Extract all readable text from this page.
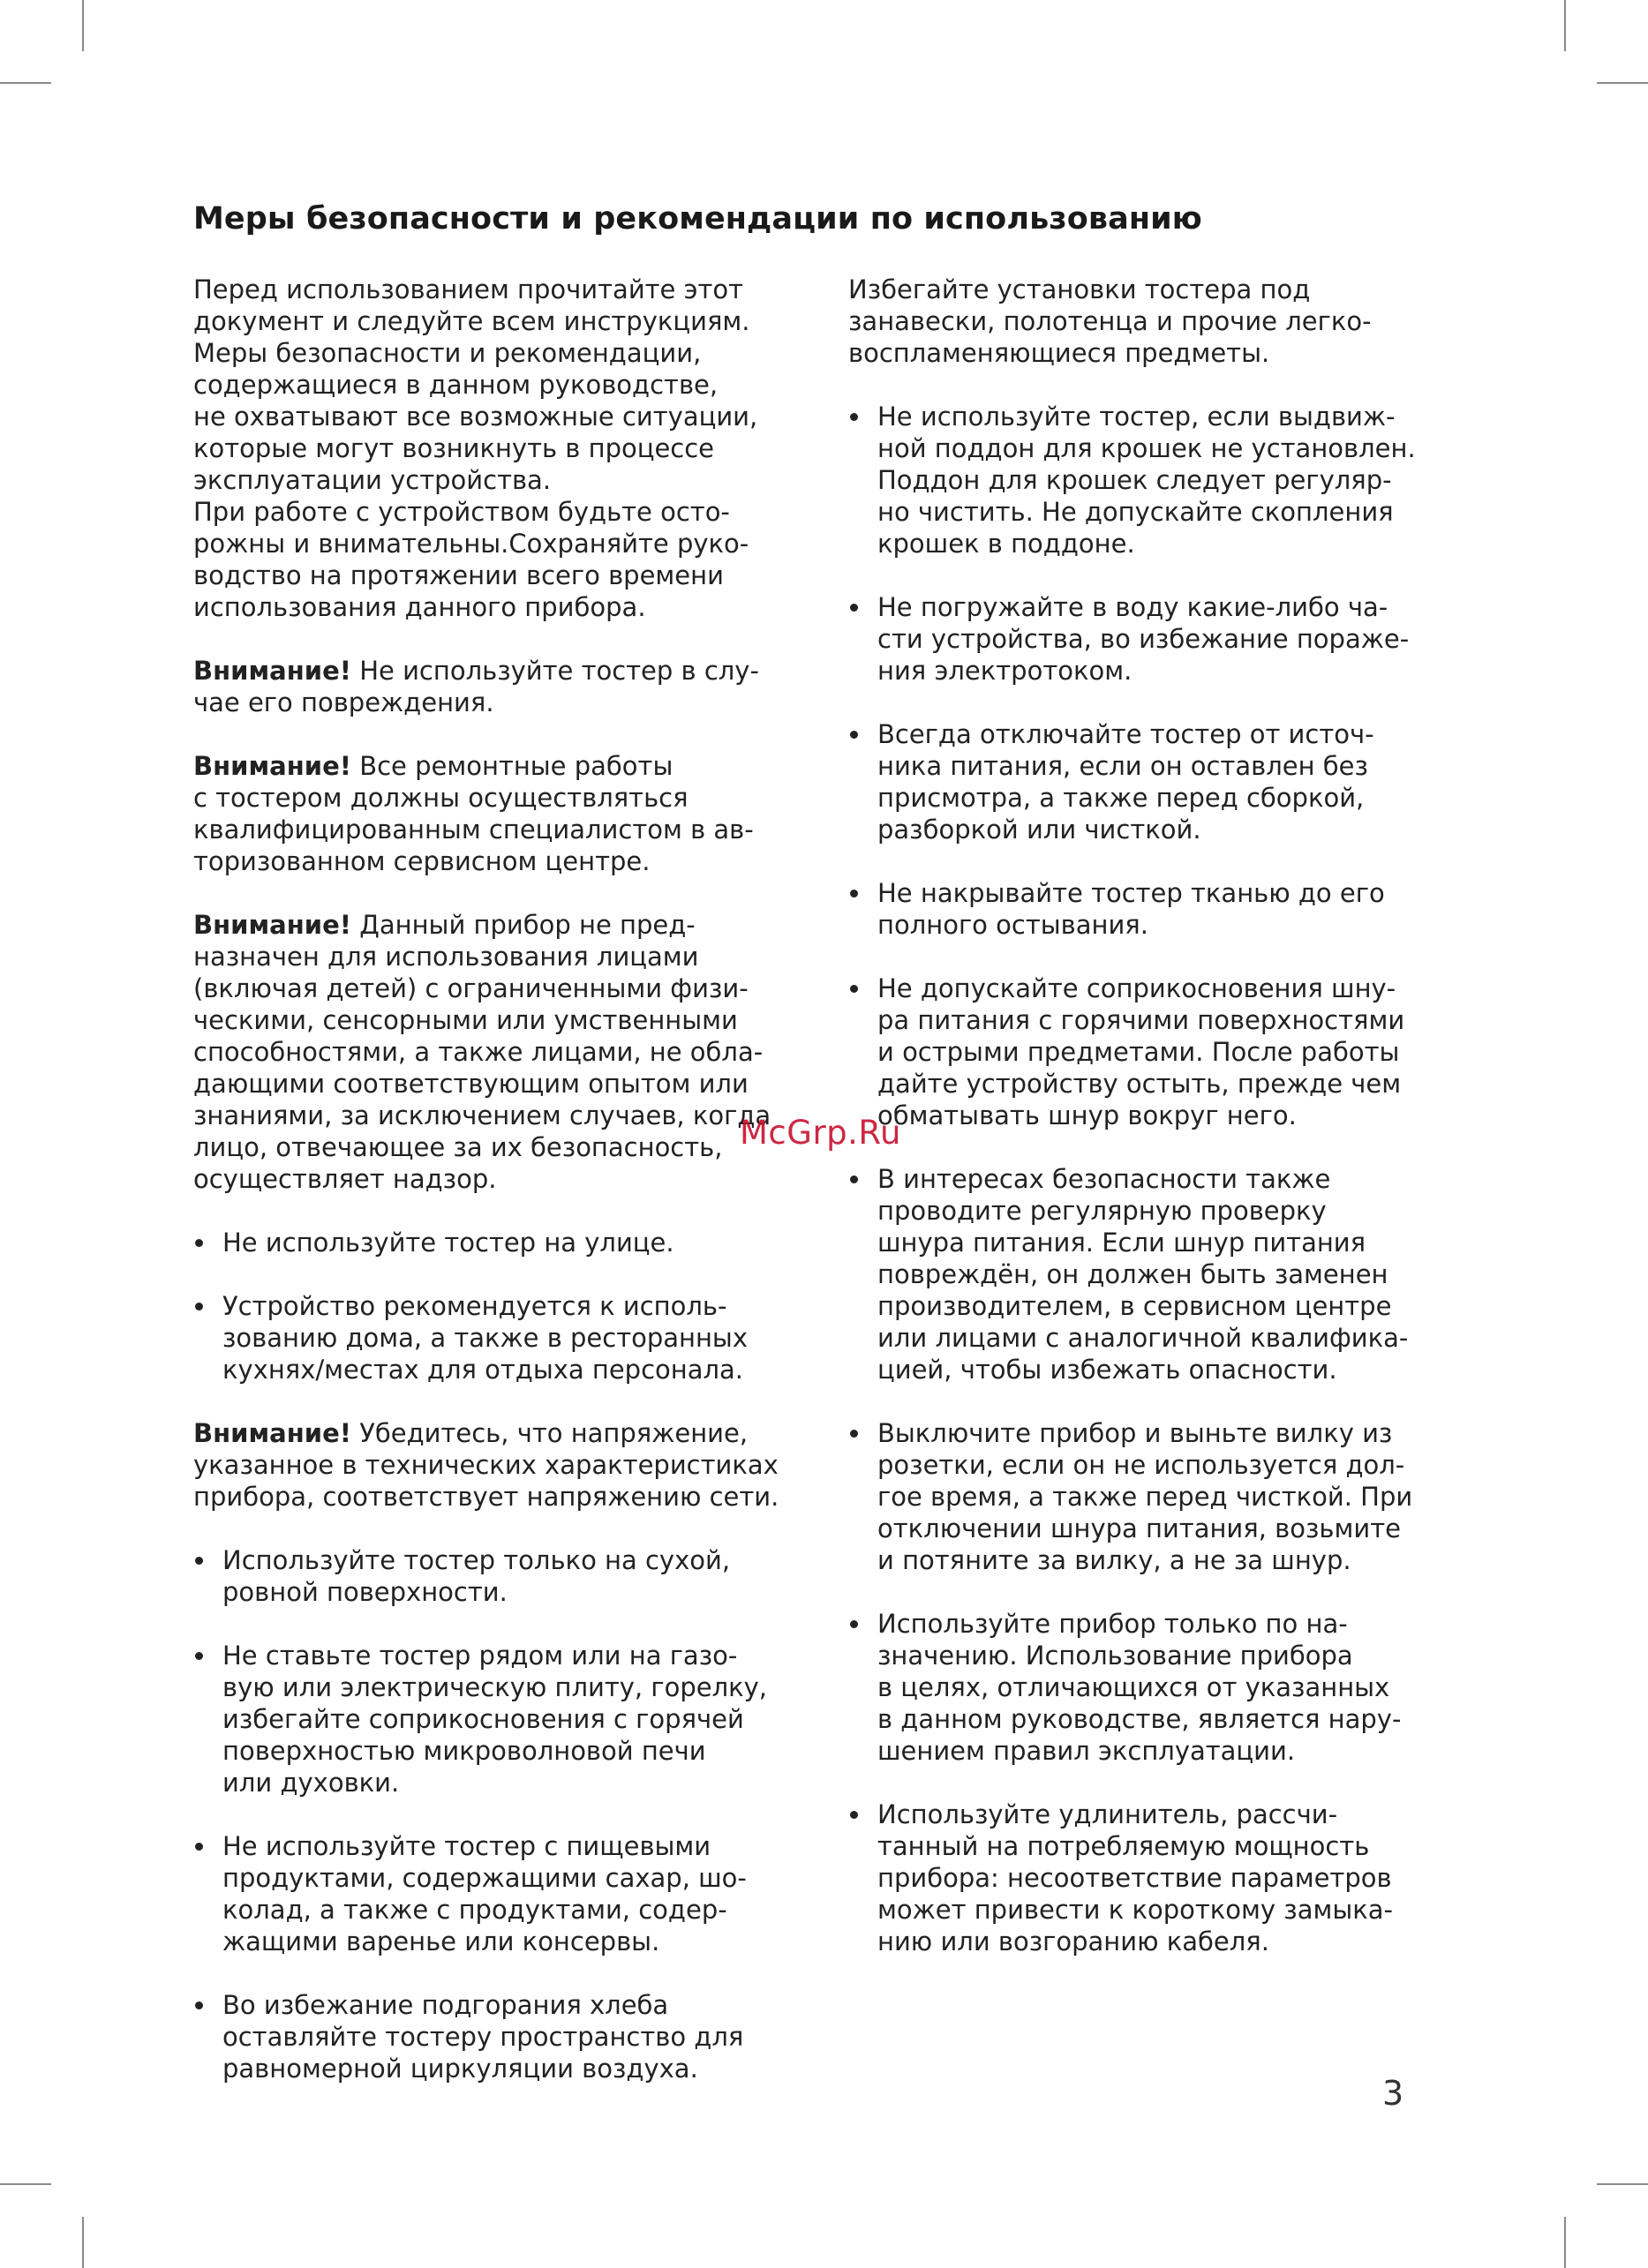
Меры безопасности и рекомендации по использованию
Перед использованием прочитайте этот
документ и следуйте всем инструкциям.
Меры безопасности и рекомендации,
содержащиеся в данном руководстве,
не охватывают все возможные ситуации,
которые могут возникнуть в процессе
эксплуатации устройства.
При работе с устройством будьте осто-
рожны и внимательны.Сохраняйте руко-
водство на протяжении всего времени
использования данного прибора.
Внимание! Не используйте тостер в слу-
чае его повреждения.
Внимание! Все ремонтные работы
с тостером должны осуществляться
квалифицированным специалистом в ав-
торизованном сервисном центре.
Внимание! Данный прибор не пред-
назначен для использования лицами
(включая детей) с ограниченными физи-
ческими, сенсорными или умственными
способностями, а также лицами, не обла-
дающими соответствующим опытом или
знаниями, за исключением случаев, когда
лицо, отвечающее за их безопасность,
осуществляет надзор.
Не используйте тостер на улице.
Устройство рекомендуется к исполь-
зованию дома, а также в ресторанных
кухнях/местах для отдыха персонала.
Внимание! Убедитесь, что напряжение,
указанное в технических характеристиках
прибора, соответствует напряжению сети.
Используйте тостер только на сухой,
ровной поверхности.
Не ставьте тостер рядом или на газо-
вую или электрическую плиту, горелку,
избегайте соприкосновения с горячей
поверхностью микроволновой печи
или духовки.
Не используйте тостер с пищевыми
продуктами, содержащими сахар, шо-
колад, а также с продуктами, содер-
жащими варенье или консервы.
Во избежание подгорания хлеба
оставляйте тостеру пространство для
равномерной циркуляции воздуха.
Избегайте установки тостера под
занавески, полотенца и прочие легко-
воспламеняющиеся предметы.
Не используйте тостер, если выдвиж-
ной поддон для крошек не установлен.
Поддон для крошек следует регуляр-
но чистить. Не допускайте скопления
крошек в поддоне.
Не погружайте в воду какие-либо ча-
сти устройства, во избежание пораже-
ния электротоком.
Всегда отключайте тостер от источ-
ника питания, если он оставлен без
присмотра, а также перед сборкой,
разборкой или чисткой.
Не накрывайте тостер тканью до его
полного остывания.
Не допускайте соприкосновения шну-
ра питания с горячими поверхностями
и острыми предметами. После работы
дайте устройству остыть, прежде чем
обматывать шнур вокруг него.
В интересах безопасности также
проводите регулярную проверку
шнура питания. Если шнур питания
повреждён, он должен быть заменен
производителем, в сервисном центре
или лицами с аналогичной квалифика-
цией, чтобы избежать опасности.
Выключите прибор и выньте вилку из
розетки, если он не используется дол-
гое время, а также перед чисткой. При
отключении шнура питания, возьмите
и потяните за вилку, а не за шнур.
Используйте прибор только по на-
значению. Использование прибора
в целях, отличающихся от указанных
в данном руководстве, является нару-
шением правил эксплуатации.
Используйте удлинитель, рассчи-
танный на потребляемую мощность
прибора: несоответствие параметров
может привести к короткому замыка-
нию или возгоранию кабеля.
McGrp.Ru
3
